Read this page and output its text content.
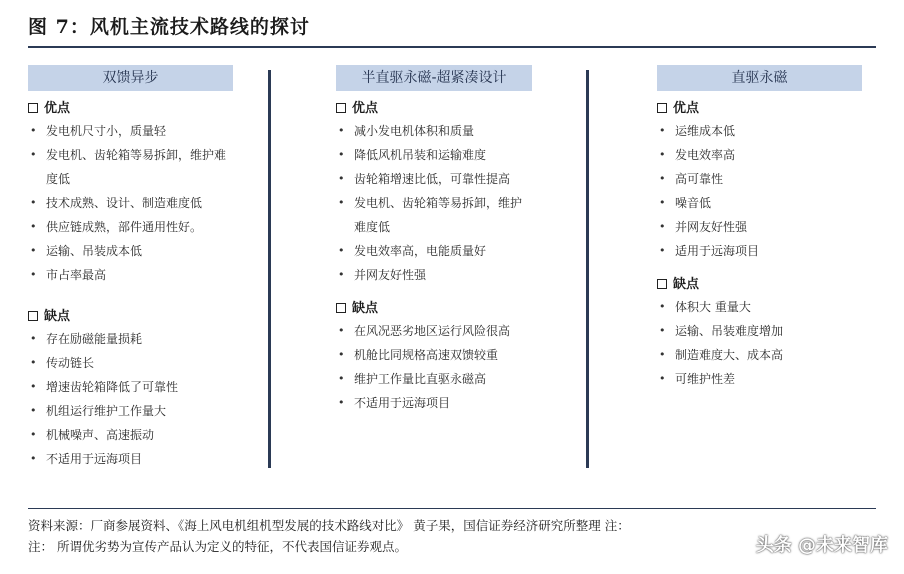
图 7：风机主流技术路线的探讨
双馈异步
优点
• 发电机尺寸小，质量轻
• 发电机、齿轮箱等易拆卸，维护难度低
• 技术成熟、设计、制造难度低
• 供应链成熟，部件通用性好。
• 运输、吊装成本低
• 市占率最高
缺点
• 存在励磁能量损耗
• 传动链长
• 增速齿轮箱降低了可靠性
• 机组运行维护工作量大
• 机械噪声、高速振动
• 不适用于远海项目
半直驱永磁-超紧凑设计
优点
• 减小发电机体积和质量
• 降低风机吊装和运输难度
• 齿轮箱增速比低，可靠性提高
• 发电机、齿轮箱等易拆卸，维护难度低
• 发电效率高，电能质量好
• 并网友好性强
缺点
• 在风况恶劣地区运行风险很高
• 机舱比同规格高速双馈较重
• 维护工作量比直驱永磁高
• 不适用于远海项目
直驱永磁
优点
• 运维成本低
• 发电效率高
• 高可靠性
• 噪音低
• 并网友好性强
• 适用于远海项目
缺点
• 体积大 重量大
• 运输、吊装难度增加
• 制造难度大、成本高
• 可维护性差
资料来源：厂商参展资料、《海上风电机组机型发展的技术路线对比》 黄子果，国信证券经济研究所整理 注：
注： 所谓优劣势为宣传产品认为定义的特征，不代表国信证券观点。	头条 @未来智库
